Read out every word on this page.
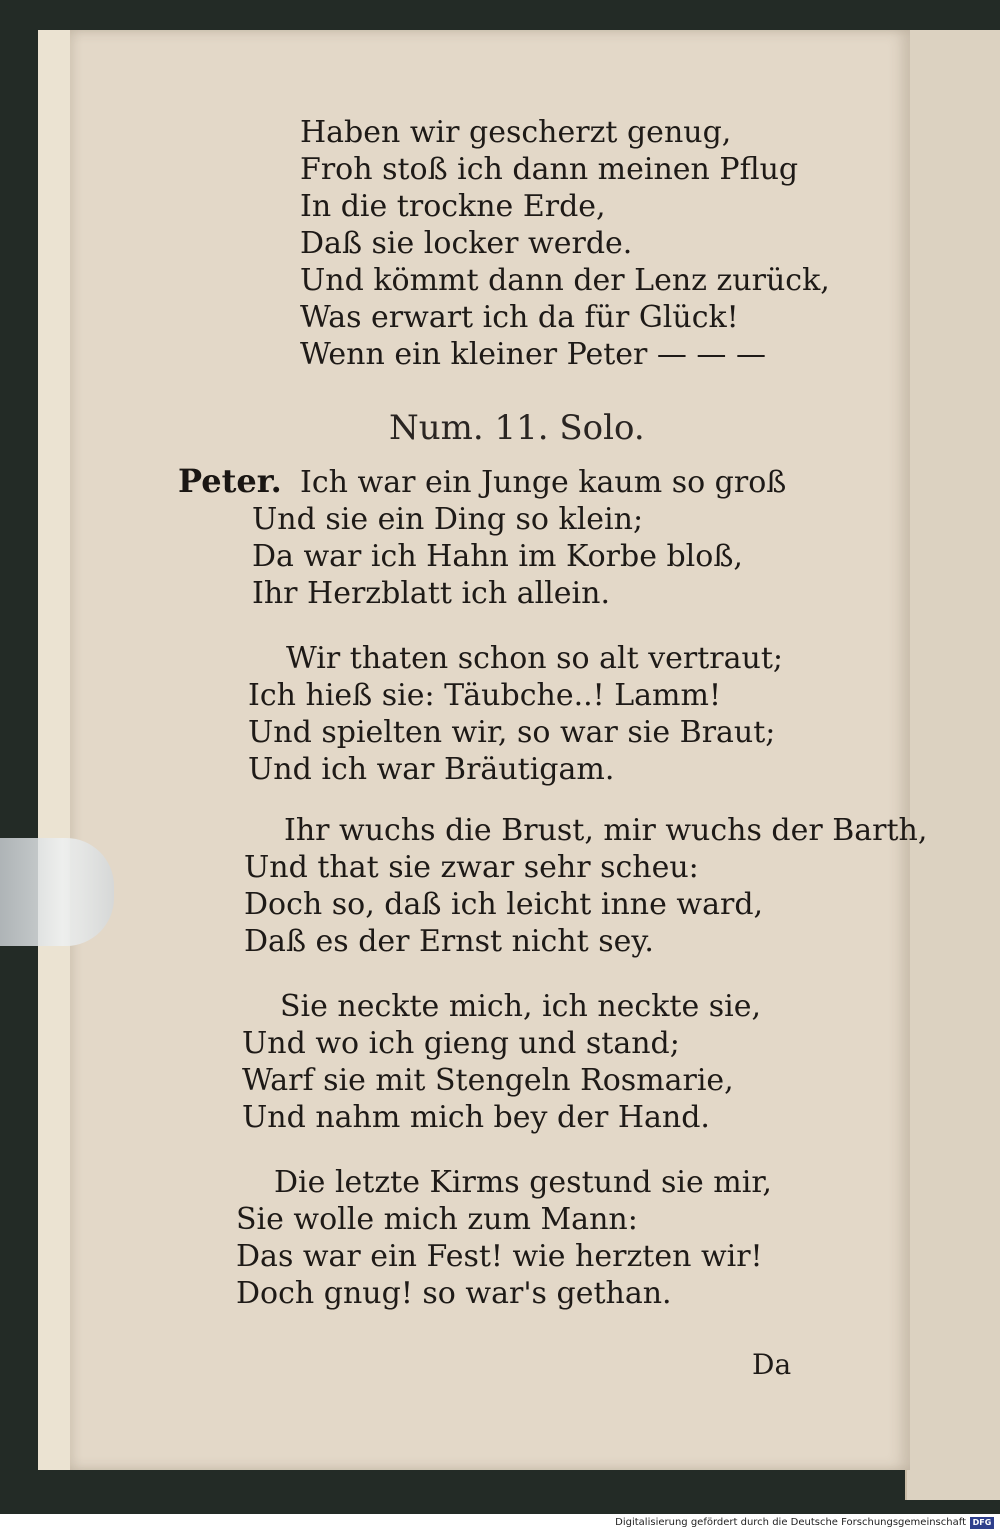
Haben wir gescherzt genug,
Froh stoß ich dann meinen Pflug
In die trockne Erde,
Daß sie locker werde.
Und kömmt dann der Lenz zurück,
Was erwart ich da für Glück!
Wenn ein kleiner Peter — — —
Num. 11. Solo.
Peter. Ich war ein Junge kaum so groß
Und sie ein Ding so klein;
Da war ich Hahn im Korbe bloß,
Ihr Herzblatt ich allein.
Wir thaten schon so alt vertraut;
Ich hieß sie: Täubche..! Lamm!
Und spielten wir, so war sie Braut;
Und ich war Bräutigam.
Ihr wuchs die Brust, mir wuchs der Barth,
Und that sie zwar sehr scheu:
Doch so, daß ich leicht inne ward,
Daß es der Ernst nicht sey.
Sie neckte mich, ich neckte sie,
Und wo ich gieng und stand;
Warf sie mit Stengeln Rosmarie,
Und nahm mich bey der Hand.
Die letzte Kirms gestund sie mir,
Sie wolle mich zum Mann:
Das war ein Fest! wie herzten wir!
Doch gnug! so war's gethan.
Da
Digitalisierung gefördert durch die Deutsche Forschungsgemeinschaft DFG
